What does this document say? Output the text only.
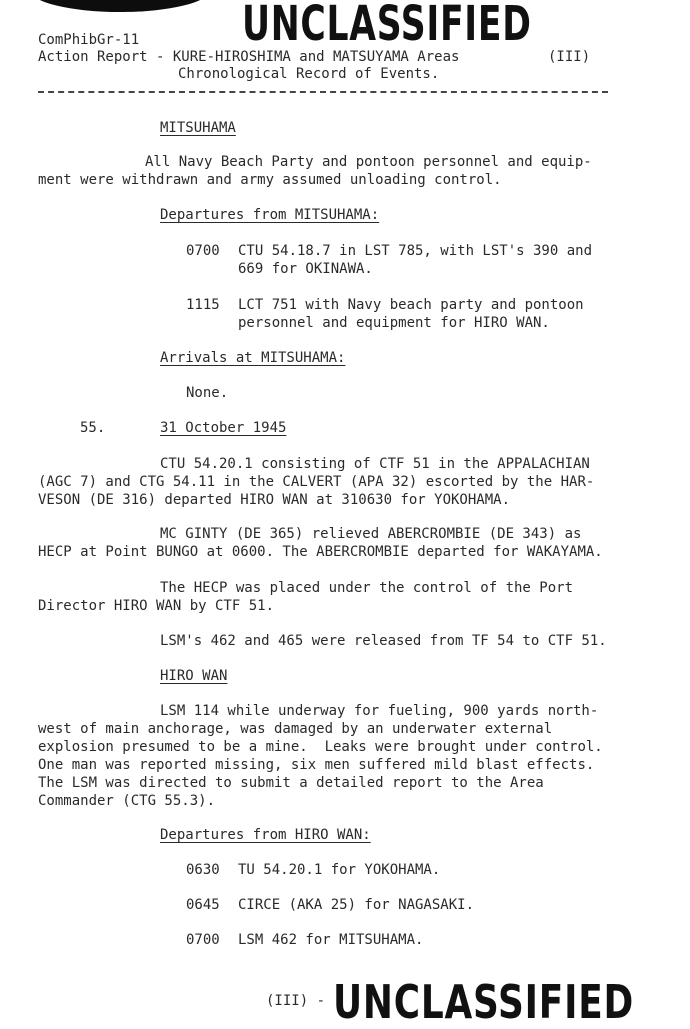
UNCLASSIFIED
ComPhibGr-11
Action Report - KURE-HIROSHIMA and MATSUYAMA Areas	(III)
Chronological Record of Events.
MITSUHAMA
All Navy Beach Party and pontoon personnel and equip-
ment were withdrawn and army assumed unloading control.
Departures from MITSUHAMA:
0700 CTU 54.18.7 in LST 785, with LST's 390 and
669 for OKINAWA.
1115 LCT 751 with Navy beach party and pontoon
personnel and equipment for HIRO WAN.
Arrivals at MITSUHAMA:
None.
55.	31 October 1945
CTU 54.20.1 consisting of CTF 51 in the APPALACHIAN
(AGC 7) and CTG 54.11 in the CALVERT (APA 32) escorted by the HAR-
VESON (DE 316) departed HIRO WAN at 310630 for YOKOHAMA.
MC GINTY (DE 365) relieved ABERCROMBIE (DE 343) as
HECP at Point BUNGO at 0600. The ABERCROMBIE departed for WAKAYAMA.
The HECP was placed under the control of the Port
Director HIRO WAN by CTF 51.
LSM's 462 and 465 were released from TF 54 to CTF 51.
HIRO WAN
LSM 114 while underway for fueling, 900 yards north-
west of main anchorage, was damaged by an underwater external
explosion presumed to be a mine.  Leaks were brought under control.
One man was reported missing, six men suffered mild blast effects.
The LSM was directed to submit a detailed report to the Area
Commander (CTG 55.3).
Departures from HIRO WAN:
0630 TU 54.20.1 for YOKOHAMA.
0645 CIRCE (AKA 25) for NAGASAKI.
0700 LSM 462 for MITSUHAMA.
(III) - UNCLASSIFIED
